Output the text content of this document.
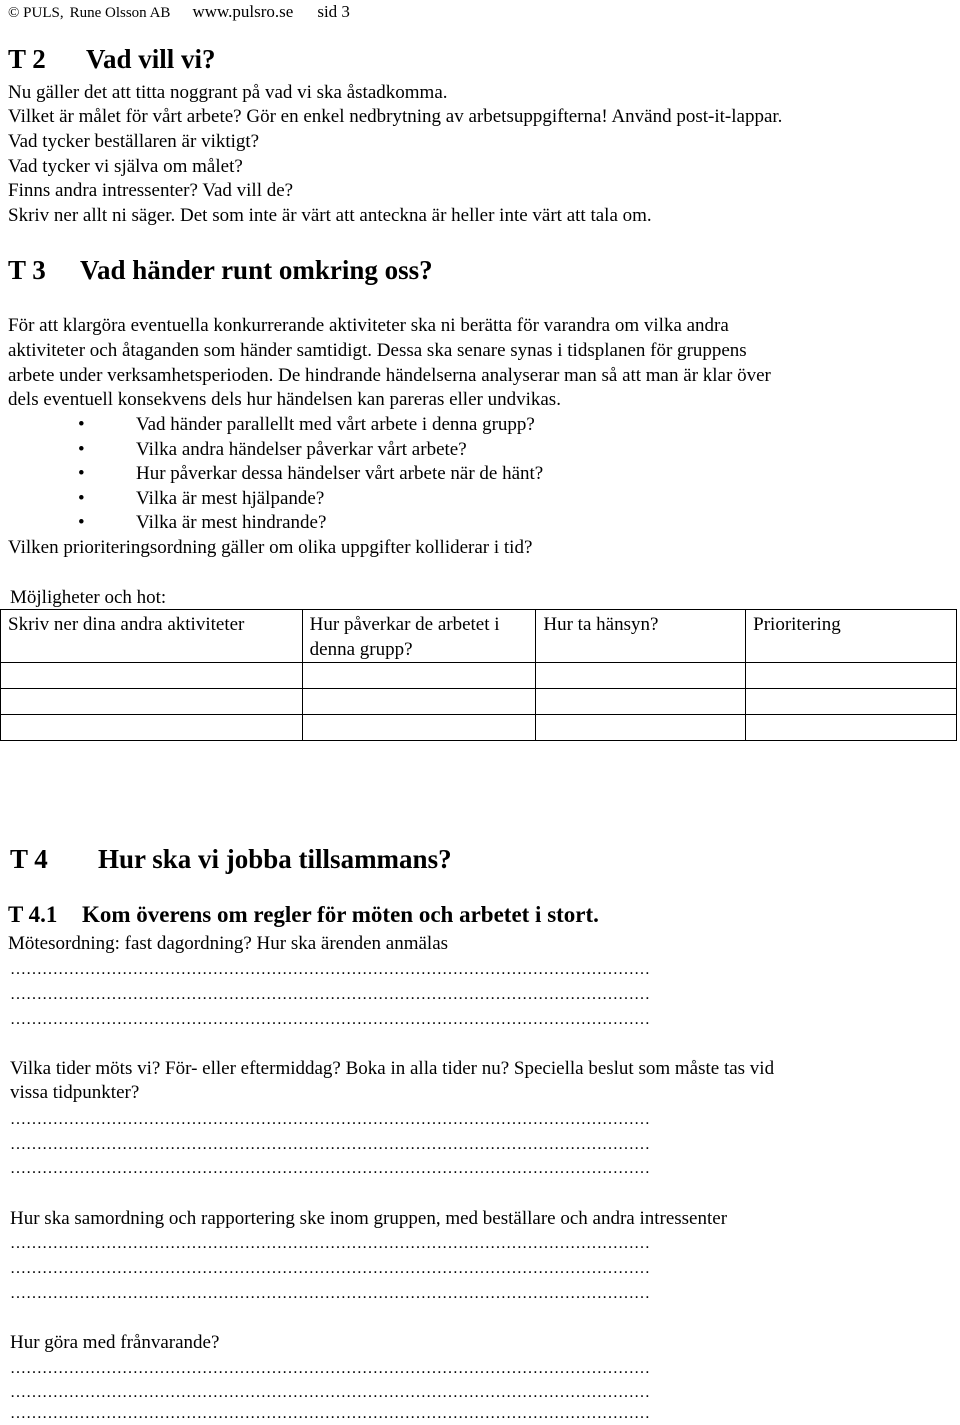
© PULS, Rune Olsson AB www.pulsro.se sid 3
T 2 Vad vill vi?
Nu gäller det att titta noggrant på vad vi ska åstadkomma.
Vilket är målet för vårt arbete? Gör en enkel nedbrytning av arbetsuppgifterna! Använd post-it-lappar.
Vad tycker beställaren är viktigt?
Vad tycker vi själva om målet?
Finns andra intressenter? Vad vill de?
Skriv ner allt ni säger. Det som inte är värt att anteckna är heller inte värt att tala om.
T 3 Vad händer runt omkring oss?
För att klargöra eventuella konkurrerande aktiviteter ska ni berätta för varandra om vilka andra
aktiviteter och åtaganden som händer samtidigt. Dessa ska senare synas i tidsplanen för gruppens
arbete under verksamhetsperioden. De hindrande händelserna analyserar man så att man är klar över
dels eventuell konsekvens dels hur händelsen kan pareras eller undvikas.
•	Vad händer parallellt med vårt arbete i denna grupp?
•	Vilka andra händelser påverkar vårt arbete?
•	Hur påverkar dessa händelser vårt arbete när de hänt?
•	Vilka är mest hjälpande?
•	Vilka är mest hindrande?
Vilken prioriteringsordning gäller om olika uppgifter kolliderar i tid?
Möjligheter och hot:
Skriv ner dina andra aktiviteter	Hur påverkar de arbetet i denna grupp?	Hur ta hänsyn?	Prioritering

T 4 Hur ska vi jobba tillsammans?
T 4.1 Kom överens om regler för möten och arbetet i stort.
Mötesordning: fast dagordning? Hur ska ärenden anmälas
…………………………………………………………………………………………………………
…………………………………………………………………………………………………………
…………………………………………………………………………………………………………
Vilka tider möts vi? För- eller eftermiddag? Boka in alla tider nu? Speciella beslut som måste tas vid
vissa tidpunkter?
…………………………………………………………………………………………………………
…………………………………………………………………………………………………………
…………………………………………………………………………………………………………
Hur ska samordning och rapportering ske inom gruppen, med beställare och andra intressenter
…………………………………………………………………………………………………………
…………………………………………………………………………………………………………
…………………………………………………………………………………………………………
Hur göra med frånvarande?
…………………………………………………………………………………………………………
…………………………………………………………………………………………………………
…………………………………………………………………………………………………………
